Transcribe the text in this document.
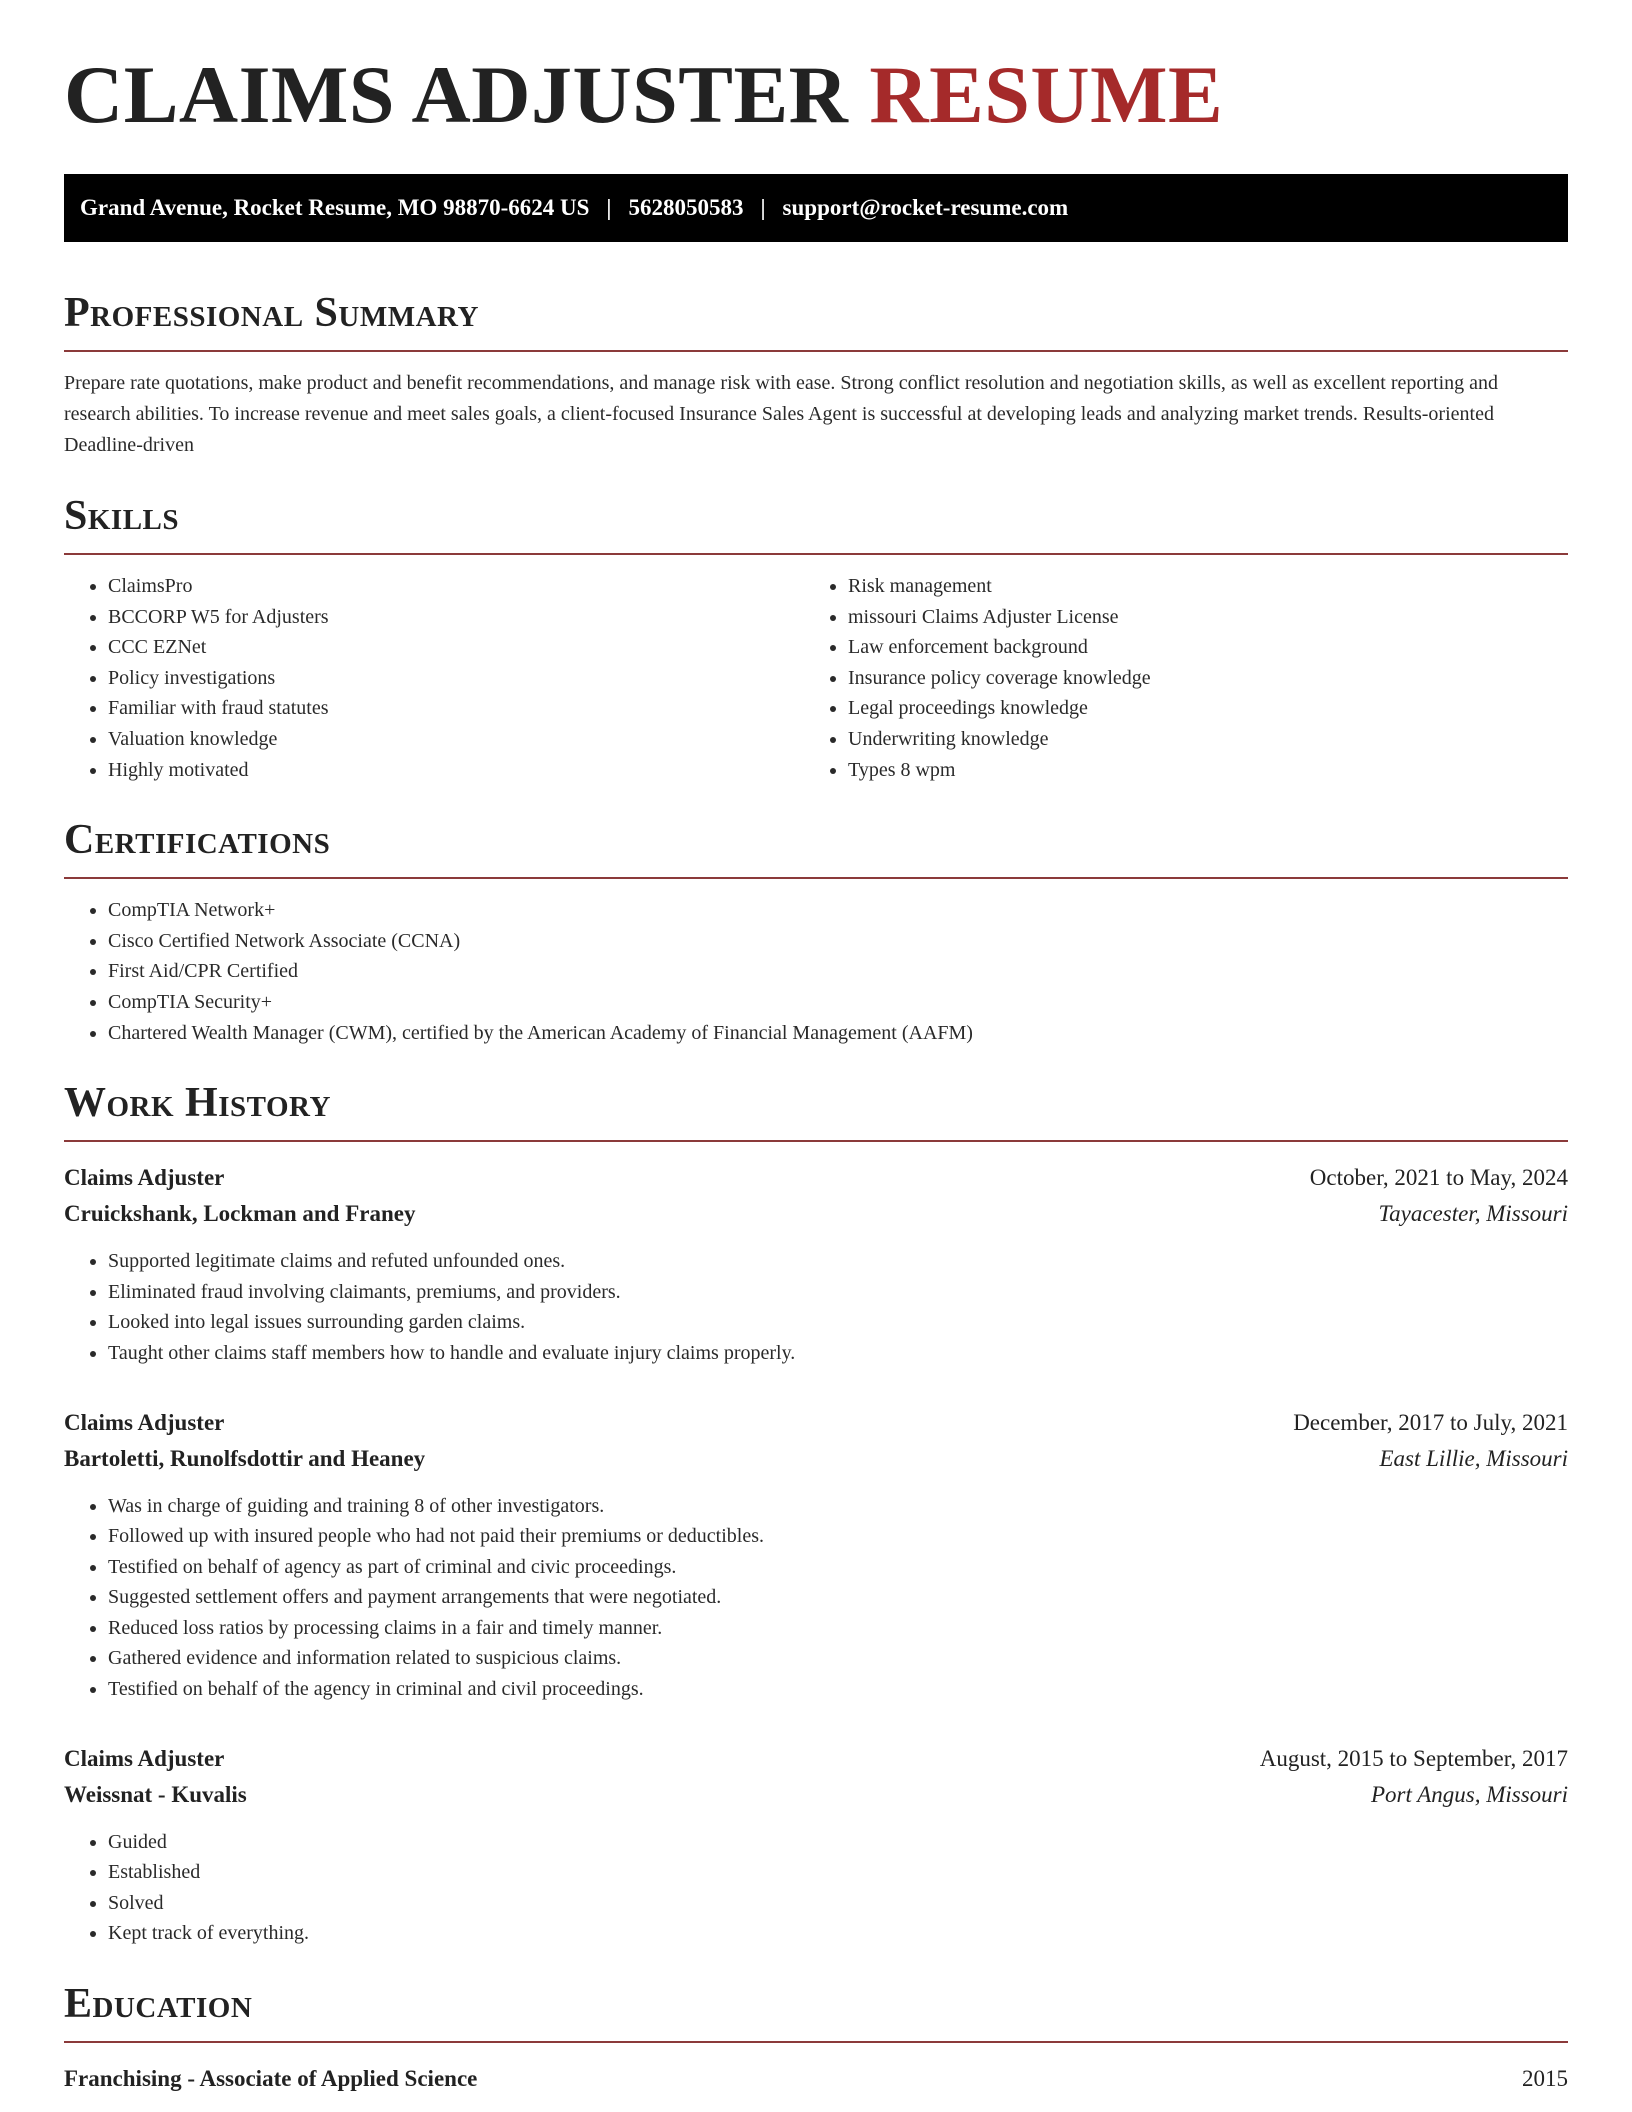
CLAIMS ADJUSTER RESUME
Grand Avenue, Rocket Resume, MO 98870-6624 US | 5628050583 | support@rocket-resume.com
Professional Summary

Prepare rate quotations, make product and benefit recommendations, and manage risk with ease. Strong conflict resolution and negotiation skills, as well as excellent reporting and research abilities. To increase revenue and meet sales goals, a client-focused Insurance Sales Agent is successful at developing leads and analyzing market trends. Results-oriented Deadline-driven

Skills
• ClaimsPro
• BCCORP W5 for Adjusters
• CCC EZNet
• Policy investigations
• Familiar with fraud statutes
• Valuation knowledge
• Highly motivated
• Risk management
• missouri Claims Adjuster License
• Law enforcement background
• Insurance policy coverage knowledge
• Legal proceedings knowledge
• Underwriting knowledge
• Types 8 wpm
Certifications
• CompTIA Network+
• Cisco Certified Network Associate (CCNA)
• First Aid/CPR Certified
• CompTIA Security+
• Chartered Wealth Manager (CWM), certified by the American Academy of Financial Management (AAFM)
Work History
Claims Adjuster	October, 2021 to May, 2024
Cruickshank, Lockman and Franey	Tayacester, Missouri
• Supported legitimate claims and refuted unfounded ones.
• Eliminated fraud involving claimants, premiums, and providers.
• Looked into legal issues surrounding garden claims.
• Taught other claims staff members how to handle and evaluate injury claims properly.
Claims Adjuster	December, 2017 to July, 2021
Bartoletti, Runolfsdottir and Heaney	East Lillie, Missouri
• Was in charge of guiding and training 8 of other investigators.
• Followed up with insured people who had not paid their premiums or deductibles.
• Testified on behalf of agency as part of criminal and civic proceedings.
• Suggested settlement offers and payment arrangements that were negotiated.
• Reduced loss ratios by processing claims in a fair and timely manner.
• Gathered evidence and information related to suspicious claims.
• Testified on behalf of the agency in criminal and civil proceedings.
Claims Adjuster	August, 2015 to September, 2017
Weissnat - Kuvalis	Port Angus, Missouri
• Guided
• Established
• Solved
• Kept track of everything.
Education
Franchising - Associate of Applied Science	2015
